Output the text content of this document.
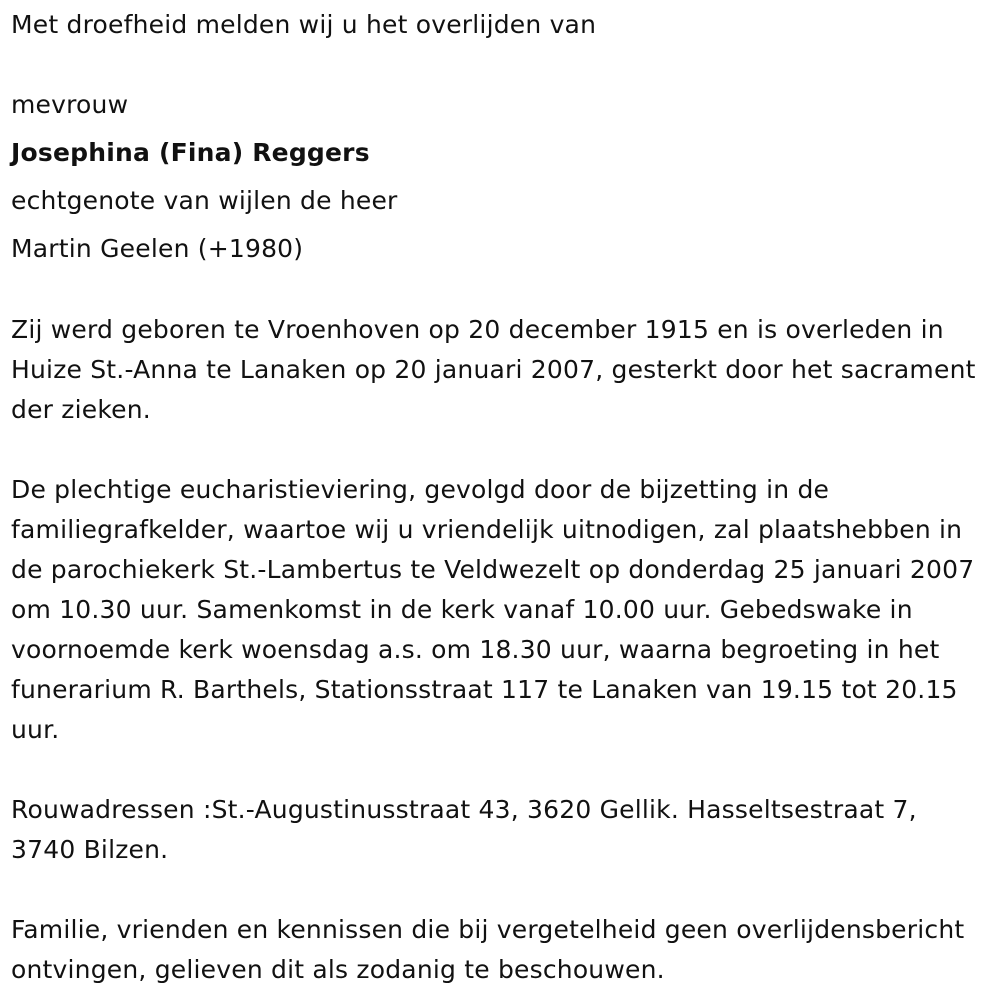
Met droefheid melden wij u het overlijden van
mevrouw
Josephina (Fina) Reggers
echtgenote van wijlen de heer
Martin Geelen (+1980)
Zij werd geboren te Vroenhoven op 20 december 1915 en is overleden in Huize St.-Anna te Lanaken op 20 januari 2007, gesterkt door het sacrament der zieken.
De plechtige eucharistieviering, gevolgd door de bijzetting in de familiegrafkelder, waartoe wij u vriendelijk uitnodigen, zal plaatshebben in de parochiekerk St.-Lambertus te Veldwezelt op donderdag 25 januari 2007 om 10.30 uur. Samenkomst in de kerk vanaf 10.00 uur. Gebedswake in voornoemde kerk woensdag a.s. om 18.30 uur, waarna begroeting in het funerarium R. Barthels, Stationsstraat 117 te Lanaken van 19.15 tot 20.15 uur.
Rouwadressen :St.-Augustinusstraat 43, 3620 Gellik. Hasseltsestraat 7, 3740 Bilzen.
Familie, vrienden en kennissen die bij vergetelheid geen overlijdensbericht ontvingen, gelieven dit als zodanig te beschouwen.
